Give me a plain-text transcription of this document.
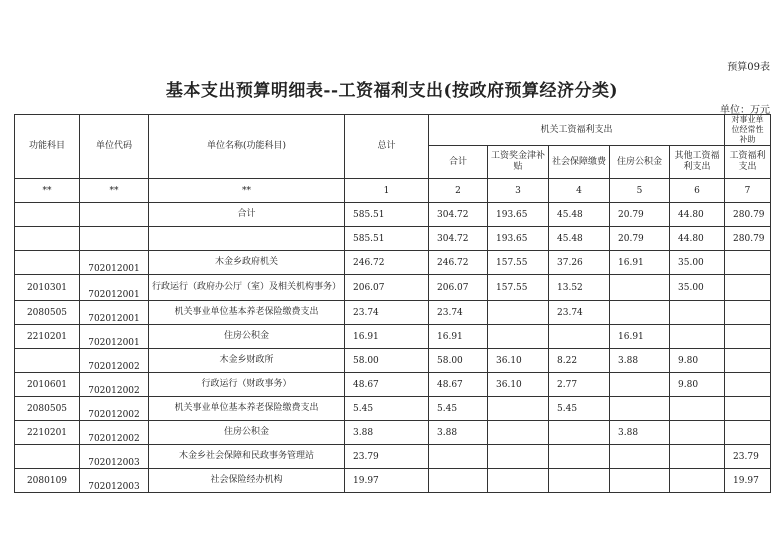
预算09表
基本支出预算明细表--工资福利支出(按政府预算经济分类)
单位：万元
功能科目	单位代码	单位名称(功能科目)	总计	机关工资福利支出					对事业单位经常性补助
				合计	工资奖金津补贴	社会保障缴费	住房公积金	其他工资福利支出	工资福利支出
**	**	**	1	2	3	4	5	6	7
		合计	585.51	304.72	193.65	45.48	20.79	44.80	280.79
			585.51	304.72	193.65	45.48	20.79	44.80	280.79
	702012001	木金乡政府机关	246.72	246.72	157.55	37.26	16.91	35.00	
2010301	702012001	行政运行（政府办公厅（室）及相关机构事务）	206.07	206.07	157.55	13.52		35.00	
2080505	702012001	机关事业单位基本养老保险缴费支出	23.74	23.74		23.74			
2210201	702012001	住房公积金	16.91	16.91			16.91		
	702012002	木金乡财政所	58.00	58.00	36.10	8.22	3.88	9.80	
2010601	702012002	行政运行（财政事务）	48.67	48.67	36.10	2.77		9.80	
2080505	702012002	机关事业单位基本养老保险缴费支出	5.45	5.45		5.45			
2210201	702012002	住房公积金	3.88	3.88			3.88		
	702012003	木金乡社会保障和民政事务管理站	23.79						23.79
2080109	702012003	社会保险经办机构	19.97						19.97
